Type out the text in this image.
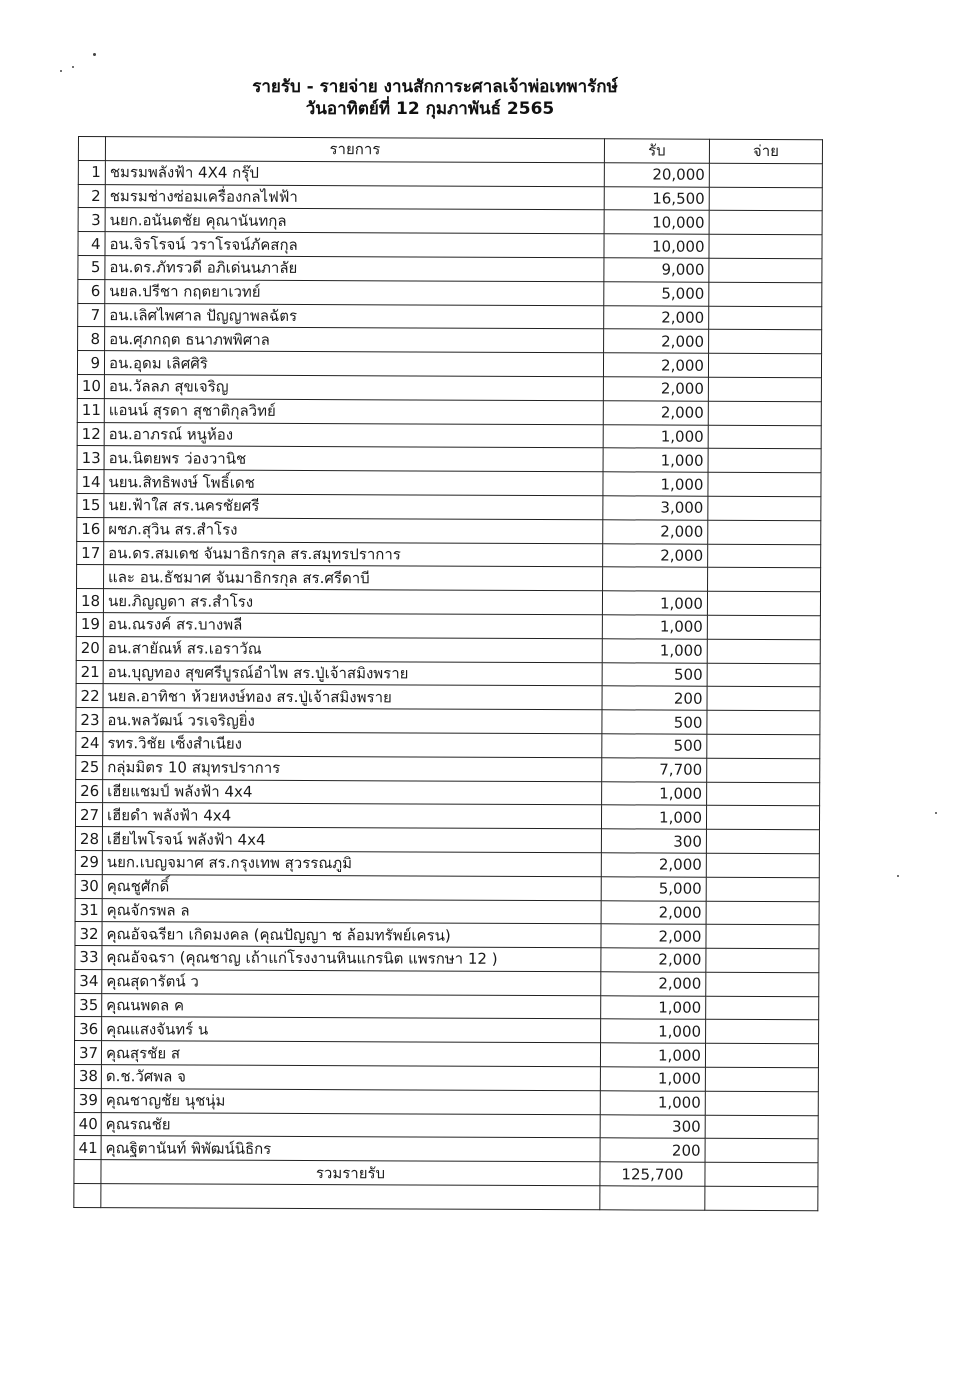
รายรับ - รายจ่าย งานสักการะศาลเจ้าพ่อเทพารักษ์
วันอาทิตย์ที่ 12 กุมภาพันธ์ 2565
	รายการ	รับ	จ่าย
1	ชมรมพลังฟ้า 4X4 กรุ๊ป	20,000	
2	ชมรมช่างซ่อมเครื่องกลไฟฟ้า	16,500	
3	นยก.อนันตชัย คุณานันทกุล	10,000	
4	อน.จิรโรจน์ วราโรจน์ภัคสกุล	10,000	
5	อน.ดร.ภัทรวดี อภิเด่นนภาลัย	9,000	
6	นยล.ปรีชา กฤตยาเวทย์	5,000	
7	อน.เลิศไพศาล ปัญญาพลฉัตร	2,000	
8	อน.ศุภกฤต ธนาภพพิศาล	2,000	
9	อน.อุดม เลิศศิริ	2,000	
10	อน.วัลลภ สุขเจริญ	2,000	
11	แอนน์ สุรดา สุชาติกุลวิทย์	2,000	
12	อน.อาภรณ์ หนูห้อง	1,000	
13	อน.นิตยพร ว่องวานิช	1,000	
14	นยน.สิทธิพงษ์ โพธิ์เดช	1,000	
15	นย.ฟ้าใส สร.นครชัยศรี	3,000	
16	ผชภ.สุวิน สร.สำโรง	2,000	
17	อน.ดร.สมเดช จันมาธิกรกุล สร.สมุทรปราการ	2,000	
	และ อน.ธัชมาศ จันมาธิกรกุล สร.ศรีดาบี		
18	นย.ภิญญดา สร.สำโรง	1,000	
19	อน.ณรงค์ สร.บางพลี	1,000	
20	อน.สายัณห์ สร.เอราวัณ	1,000	
21	อน.บุญทอง สุขศรีบูรณ์อำไพ สร.ปู่เจ้าสมิงพราย	500	
22	นยล.อาทิชา ห้วยหงษ์ทอง สร.ปู่เจ้าสมิงพราย	200	
23	อน.พลวัฒน์ วรเจริญยิ่ง	500	
24	รทร.วิชัย เซ็งสำเนียง	500	
25	กลุ่มมิตร 10 สมุทรปราการ	7,700	
26	เฮียแชมป์ พลังฟ้า 4x4	1,000	
27	เฮียดำ พลังฟ้า 4x4	1,000	
28	เฮียไพโรจน์ พลังฟ้า 4x4	300	
29	นยก.เบญจมาศ สร.กรุงเทพ สุวรรณภูมิ	2,000	
30	คุณชูศักดิ์	5,000	
31	คุณจักรพล ล	2,000	
32	คุณอัจฉรียา เกิดมงคล (คุณปัญญา ช ล้อมทรัพย์เครน)	2,000	
33	คุณอัจฉรา (คุณชาญ เถ้าแก่โรงงานหินแกรนิต แพรกษา 12 )	2,000	
34	คุณสุดารัตน์ ว	2,000	
35	คุณนพดล ค	1,000	
36	คุณแสงจันทร์ น	1,000	
37	คุณสุรชัย ส	1,000	
38	ด.ช.วัศพล จ	1,000	
39	คุณชาญชัย นุชนุ่ม	1,000	
40	คุณรณชัย	300	
41	คุณฐิตานันท์ พิพัฒน์นิธิกร	200	
	รวมรายรับ	125,700	
